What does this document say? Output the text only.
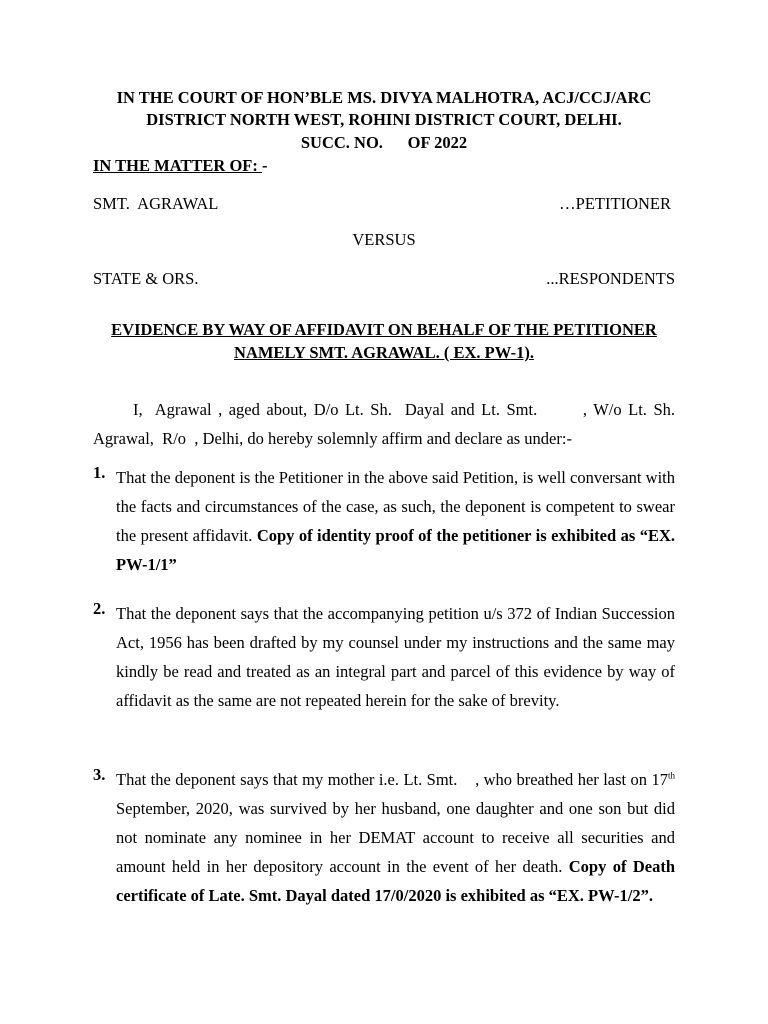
IN THE COURT OF HON’BLE MS. DIVYA MALHOTRA, ACJ/CCJ/ARC
DISTRICT NORTH WEST, ROHINI DISTRICT COURT, DELHI.
SUCC. NO.      OF 2022
IN THE MATTER OF: -
SMT.  AGRAWAL	…PETITIONER
VERSUS
STATE & ORS.	...RESPONDENTS
EVIDENCE BY WAY OF AFFIDAVIT ON BEHALF OF THE PETITIONER
NAMELY SMT. AGRAWAL. ( EX. PW-1).
I,  Agrawal , aged about, D/o Lt. Sh.  Dayal and Lt. Smt.       , W/o Lt. Sh. Agrawal,  R/o  , Delhi, do hereby solemnly affirm and declare as under:-
1. That the deponent is the Petitioner in the above said Petition, is well conversant with the facts and circumstances of the case, as such, the deponent is competent to swear the present affidavit. Copy of identity proof of the petitioner is exhibited as “EX. PW-1/1”
2. That the deponent says that the accompanying petition u/s 372 of Indian Succession Act, 1956 has been drafted by my counsel under my instructions and the same may kindly be read and treated as an integral part and parcel of this evidence by way of affidavit as the same are not repeated herein for the sake of brevity.
3. That the deponent says that my mother i.e. Lt. Smt.    , who breathed her last on 17th September, 2020, was survived by her husband, one daughter and one son but did not nominate any nominee in her DEMAT account to receive all securities and amount held in her depository account in the event of her death. Copy of Death certificate of Late. Smt. Dayal dated 17/0/2020 is exhibited as “EX. PW-1/2”.
